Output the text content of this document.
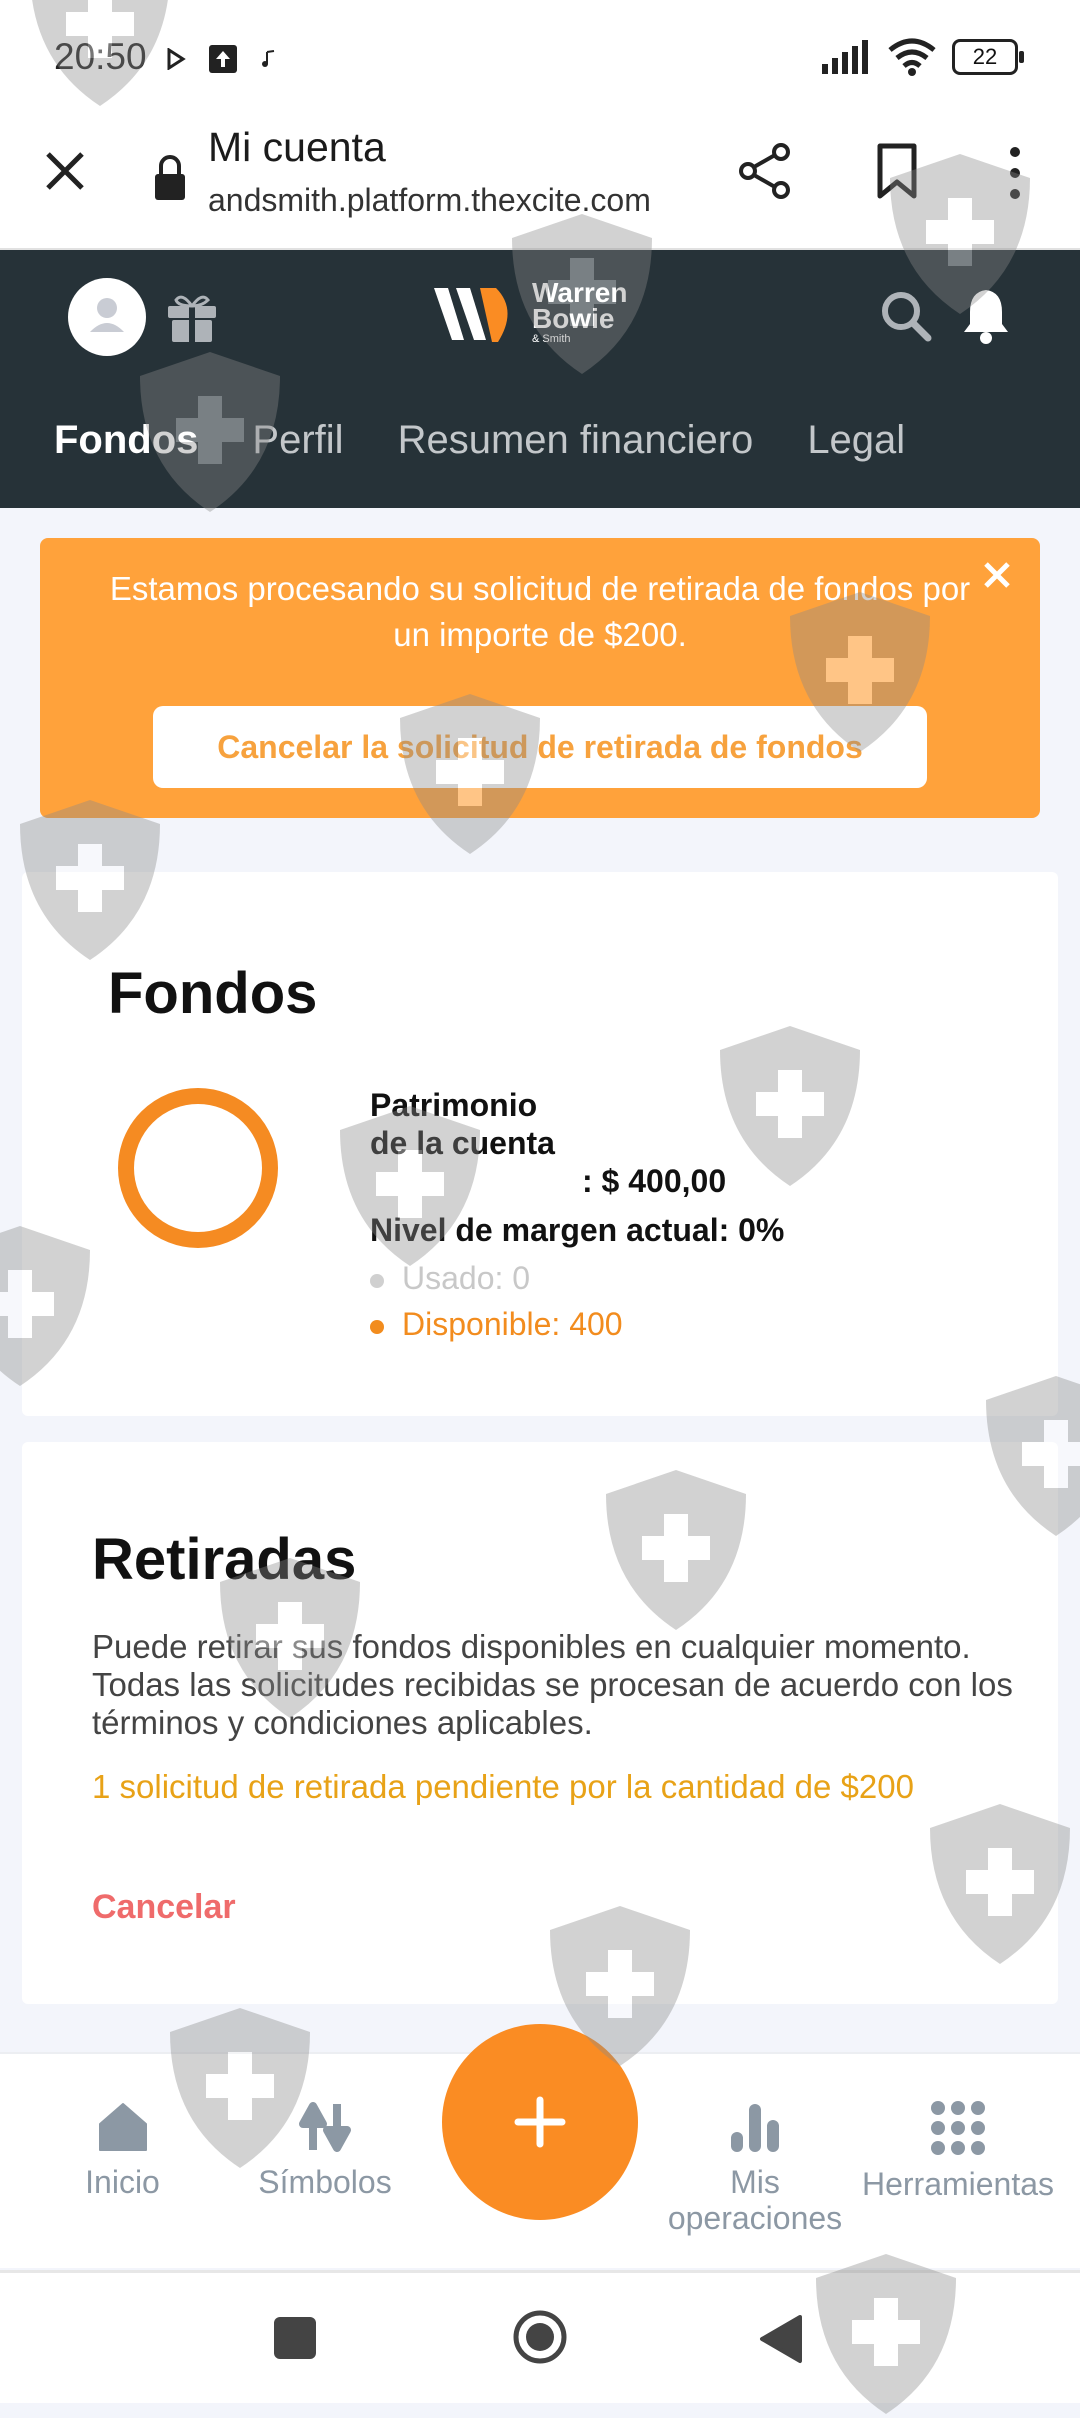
20:50	22
Mi cuenta
andsmith.platform.thexcite.com
Warren
Bowie
& Smith
Fondos Perfil Resumen financiero Legal
Estamos procesando su solicitud de retirada de fondos por un importe de $200.
Cancelar la solicitud de retirada de fondos
Fondos
Patrimonio de la cuenta
: $ 400,00
Nivel de margen actual: 0%
Usado: 0
Disponible: 400
Retiradas
Puede retirar sus fondos disponibles en cualquier momento. Todas las solicitudes recibidas se procesan de acuerdo con los términos y condiciones aplicables.
1 solicitud de retirada pendiente por la cantidad de $200
Cancelar
Inicio	Símbolos	Mis operaciones
Herramientas
